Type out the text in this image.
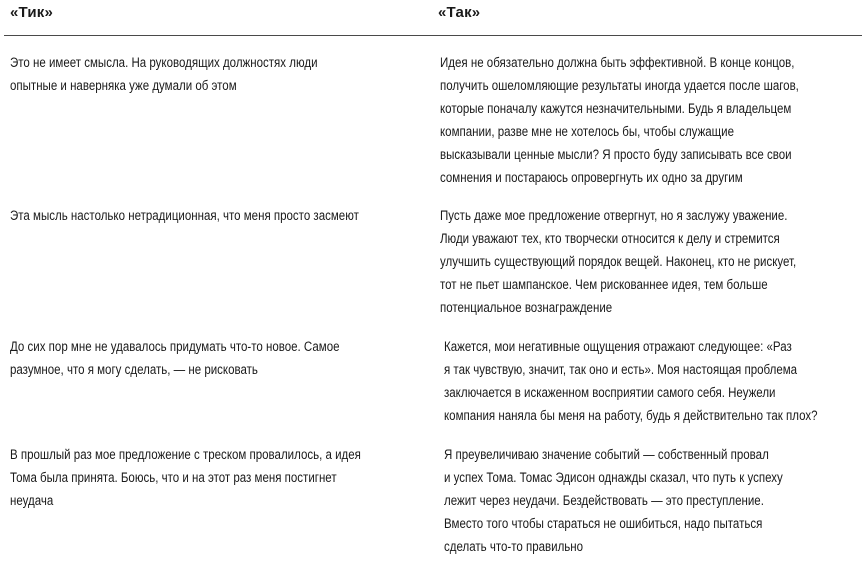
«Тик»	«Так»
Это не имеет смысла. На руководящих должностях люди
опытные и наверняка уже думали об этом
Идея не обязательно должна быть эффективной. В конце концов,
получить ошеломляющие результаты иногда удается после шагов,
которые поначалу кажутся незначительными. Будь я владельцем
компании, разве мне не хотелось бы, чтобы служащие
высказывали ценные мысли? Я просто буду записывать все свои
сомнения и постараюсь опровергнуть их одно за другим
Эта мысль настолько нетрадиционная, что меня просто засмеют	Пусть даже мое предложение отвергнут, но я заслужу уважение.
Люди уважают тех, кто творчески относится к делу и стремится
улучшить существующий порядок вещей. Наконец, кто не рискует,
тот не пьет шампанское. Чем рискованнее идея, тем больше
потенциальное вознаграждение
До сих пор мне не удавалось придумать что-то новое. Самое
разумное, что я могу сделать, — не рисковать
Кажется, мои негативные ощущения отражают следующее: «Раз
я так чувствую, значит, так оно и есть». Моя настоящая проблема
заключается в искаженном восприятии самого себя. Неужели
компания наняла бы меня на работу, будь я действительно так плох?
В прошлый раз мое предложение с треском провалилось, а идея
Тома была принята. Боюсь, что и на этот раз меня постигнет
неудача
Я преувеличиваю значение событий — собственный провал
и успех Тома. Томас Эдисон однажды сказал, что путь к успеху
лежит через неудачи. Бездействовать — это преступление.
Вместо того чтобы стараться не ошибиться, надо пытаться
сделать что-то правильно
